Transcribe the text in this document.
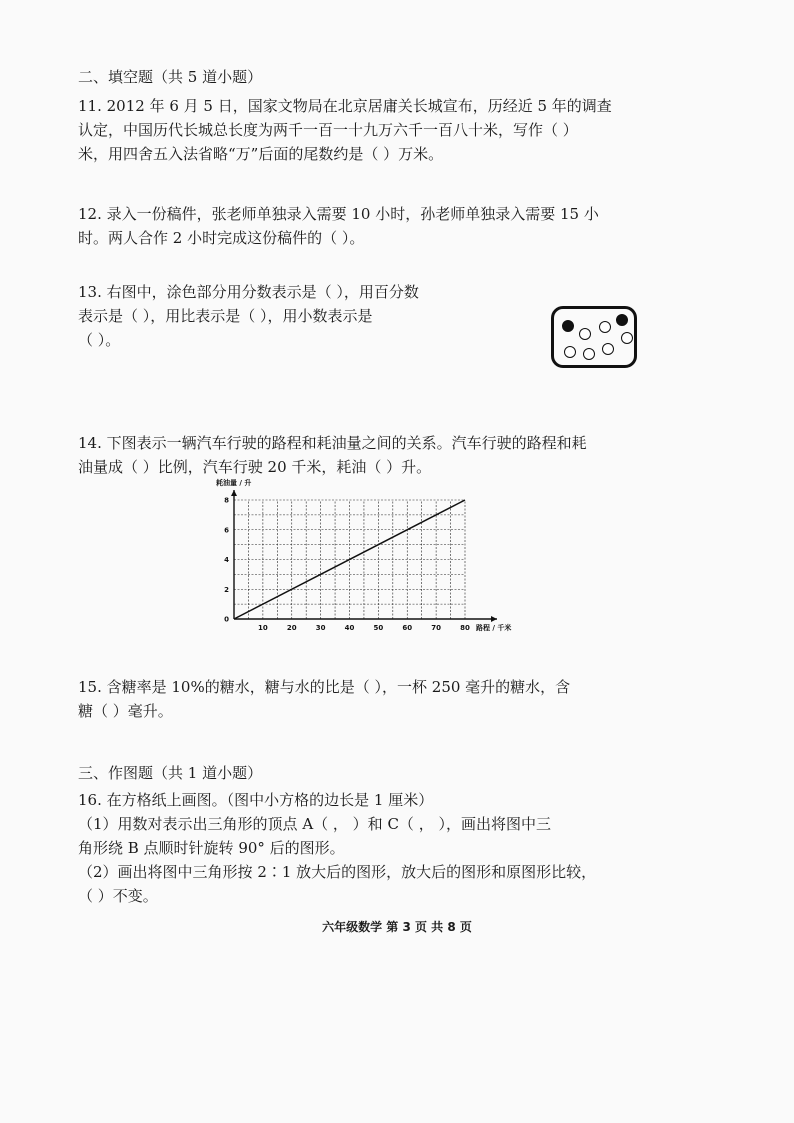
二、填空题（共 5 道小题）
11. 2012 年 6 月 5 日，国家文物局在北京居庸关长城宣布，历经近 5 年的调查
认定，中国历代长城总长度为两千一百一十九万六千一百八十米，写作（ ）
米，用四舍五入法省略“万”后面的尾数约是（ ）万米。
12. 录入一份稿件，张老师单独录入需要 10 小时，孙老师单独录入需要 15 小
时。两人合作 2 小时完成这份稿件的（ ）。
13. 右图中，涂色部分用分数表示是（ ），用百分数
表示是（ ），用比表示是（ ），用小数表示是
（ ）。
14. 下图表示一辆汽车行驶的路程和耗油量之间的关系。汽车行驶的路程和耗
油量成（ ）比例，汽车行驶 20 千米，耗油（ ）升。
10	20	30	40	50	60	70	80
0
2
4
6
8
耗油量 / 升
路程 / 千米
15. 含糖率是 10%的糖水，糖与水的比是（ ），一杯 250 毫升的糖水，含
糖（ ）毫升。
三、作图题（共 1 道小题）
16. 在方格纸上画图。（图中小方格的边长是 1 厘米）
（1）用数对表示出三角形的顶点 A（ ， ）和 C（ ， ），画出将图中三
角形绕 B 点顺时针旋转 90° 后的图形。
（2）画出将图中三角形按 2∶1 放大后的图形，放大后的图形和原图形比较，
（ ）不变。
六年级数学 第 3 页 共 8 页
